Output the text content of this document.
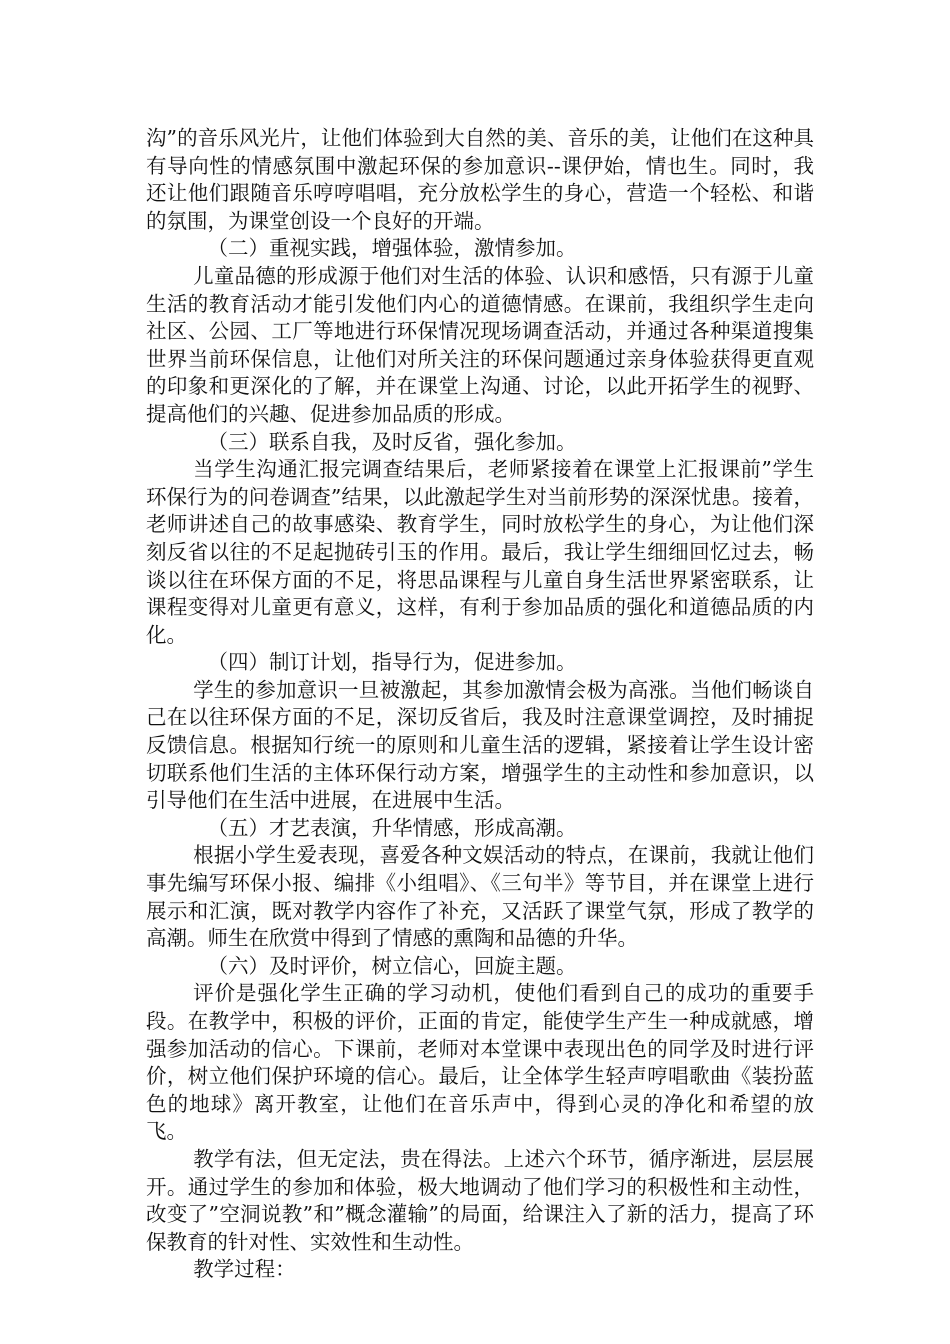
沟”的音乐风光片，让他们体验到大自然的美、音乐的美，让他们在这种具有导向性的情感氛围中激起环保的参加意识--课伊始，情也生。同时，我还让他们跟随音乐哼哼唱唱，充分放松学生的身心，营造一个轻松、和谐的氛围，为课堂创设一个良好的开端。

（二）重视实践，增强体验，激情参加。

儿童品德的形成源于他们对生活的体验、认识和感悟，只有源于儿童生活的教育活动才能引发他们内心的道德情感。在课前，我组织学生走向社区、公园、工厂等地进行环保情况现场调查活动，并通过各种渠道搜集世界当前环保信息，让他们对所关注的环保问题通过亲身体验获得更直观的印象和更深化的了解，并在课堂上沟通、讨论，以此开拓学生的视野、提高他们的兴趣、促进参加品质的形成。

（三）联系自我，及时反省，强化参加。

当学生沟通汇报完调查结果后，老师紧接着在课堂上汇报课前”学生环保行为的问卷调查”结果，以此激起学生对当前形势的深深忧患。接着，老师讲述自己的故事感染、教育学生，同时放松学生的身心，为让他们深刻反省以往的不足起抛砖引玉的作用。最后，我让学生细细回忆过去，畅谈以往在环保方面的不足，将思品课程与儿童自身生活世界紧密联系，让课程变得对儿童更有意义，这样，有利于参加品质的强化和道德品质的内化。

（四）制订计划，指导行为，促进参加。

学生的参加意识一旦被激起，其参加激情会极为高涨。当他们畅谈自己在以往环保方面的不足，深切反省后，我及时注意课堂调控，及时捕捉反馈信息。根据知行统一的原则和儿童生活的逻辑，紧接着让学生设计密切联系他们生活的主体环保行动方案，增强学生的主动性和参加意识，以引导他们在生活中进展，在进展中生活。

（五）才艺表演，升华情感，形成高潮。

根据小学生爱表现，喜爱各种文娱活动的特点，在课前，我就让他们事先编写环保小报、编排《小组唱》、《三句半》等节目，并在课堂上进行展示和汇演，既对教学内容作了补充，又活跃了课堂气氛，形成了教学的高潮。师生在欣赏中得到了情感的熏陶和品德的升华。

（六）及时评价，树立信心，回旋主题。

评价是强化学生正确的学习动机，使他们看到自己的成功的重要手段。在教学中，积极的评价，正面的肯定，能使学生产生一种成就感，增强参加活动的信心。下课前，老师对本堂课中表现出色的同学及时进行评价，树立他们保护环境的信心。最后，让全体学生轻声哼唱歌曲《装扮蓝色的地球》离开教室，让他们在音乐声中，得到心灵的净化和希望的放飞。

教学有法，但无定法，贵在得法。上述六个环节，循序渐进，层层展开。通过学生的参加和体验，极大地调动了他们学习的积极性和主动性，改变了”空洞说教”和”概念灌输”的局面，给课注入了新的活力，提高了环保教育的针对性、实效性和生动性。

教学过程：
